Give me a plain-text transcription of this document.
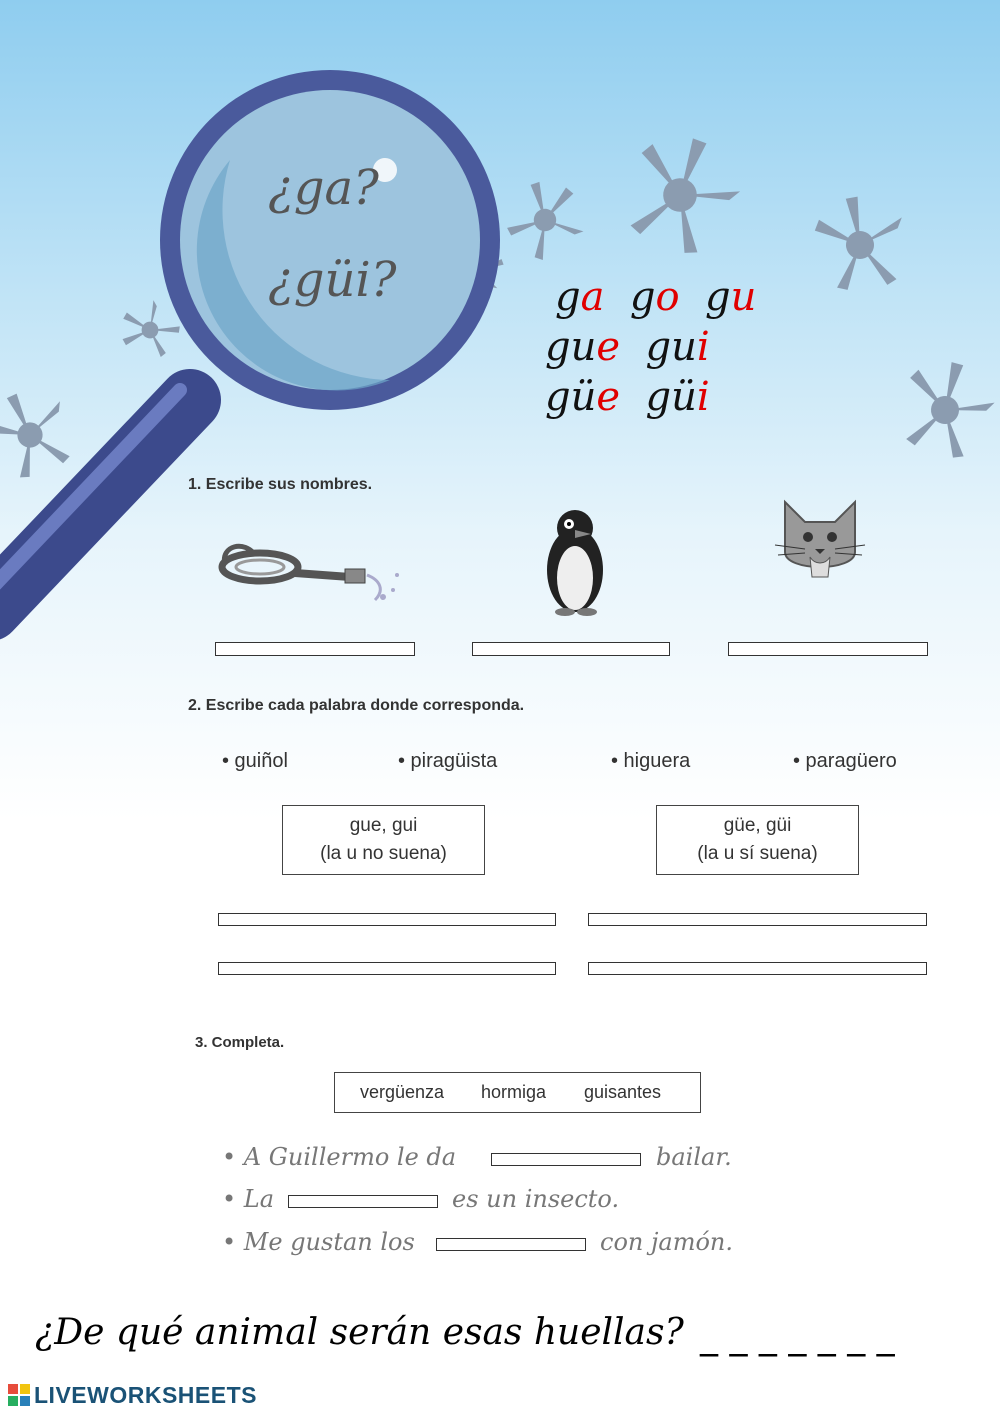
¿ga?
¿güi?	ga go gu
gue gui
güe güi
1. Escribe sus nombres.
2. Escribe cada palabra donde corresponda.
• guiñol	• piragüista	• higuera	• paragüero
gue, gui
(la u no suena)
güe, güi
(la u sí suena)
3. Completa.
vergüenza hormiga guisantes
• A Guillermo le da	bailar.
• La	es un insecto.
• Me gustan los	con jamón.
¿De qué animal serán esas huellas? _ _ _ _ _ _ _
LIVEWORKSHEETS
